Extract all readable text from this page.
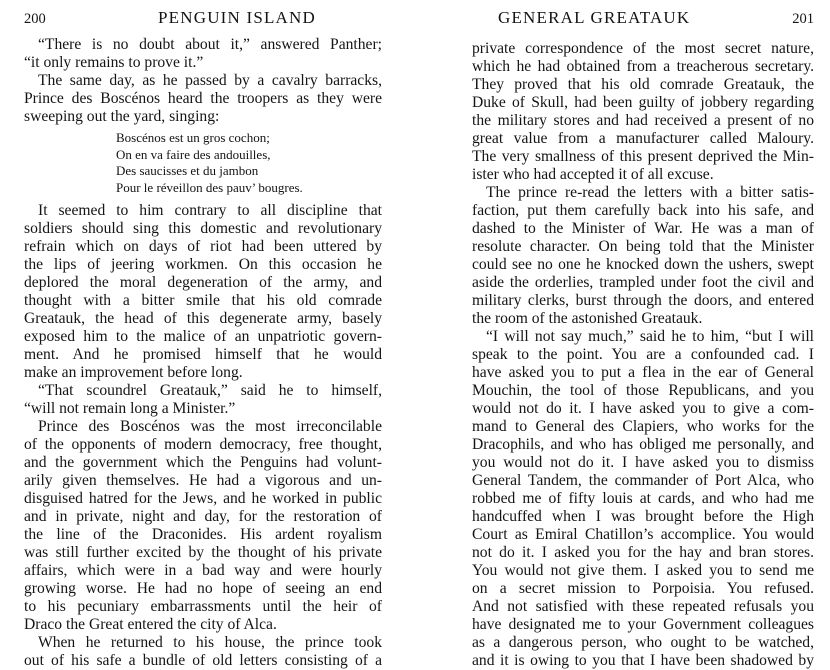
200	PENGUIN ISLAND
“There is no doubt about it,” answered Panther;
“it only remains to prove it.”
The same day, as he passed by a cavalry barracks,
Prince des Boscénos heard the troopers as they were
sweeping out the yard, singing:
Boscénos est un gros cochon;
On en va faire des andouilles,
Des saucisses et du jambon
Pour le réveillon des pauv’ bougres.
It seemed to him contrary to all discipline that
soldiers should sing this domestic and revolutionary
refrain which on days of riot had been uttered by
the lips of jeering workmen. On this occasion he
deplored the moral degeneration of the army, and
thought with a bitter smile that his old comrade
Greatauk, the head of this degenerate army, basely
exposed him to the malice of an unpatriotic govern-
ment. And he promised himself that he would
make an improvement before long.
“That scoundrel Greatauk,” said he to himself,
“will not remain long a Minister.”
Prince des Boscénos was the most irreconcilable
of the opponents of modern democracy, free thought,
and the government which the Penguins had volunt-
arily given themselves. He had a vigorous and un-
disguised hatred for the Jews, and he worked in public
and in private, night and day, for the restoration of
the line of the Draconides. His ardent royalism
was still further excited by the thought of his private
affairs, which were in a bad way and were hourly
growing worse. He had no hope of seeing an end
to his pecuniary embarrassments until the heir of
Draco the Great entered the city of Alca.
When he returned to his house, the prince took
out of his safe a bundle of old letters consisting of a
GENERAL GREATAUK	201
private correspondence of the most secret nature,
which he had obtained from a treacherous secretary.
They proved that his old comrade Greatauk, the
Duke of Skull, had been guilty of jobbery regarding
the military stores and had received a present of no
great value from a manufacturer called Maloury.
The very smallness of this present deprived the Min-
ister who had accepted it of all excuse.
The prince re-read the letters with a bitter satis-
faction, put them carefully back into his safe, and
dashed to the Minister of War. He was a man of
resolute character. On being told that the Minister
could see no one he knocked down the ushers, swept
aside the orderlies, trampled under foot the civil and
military clerks, burst through the doors, and entered
the room of the astonished Greatauk.
“I will not say much,” said he to him, “but I will
speak to the point. You are a confounded cad. I
have asked you to put a flea in the ear of General
Mouchin, the tool of those Republicans, and you
would not do it. I have asked you to give a com-
mand to General des Clapiers, who works for the
Dracophils, and who has obliged me personally, and
you would not do it. I have asked you to dismiss
General Tandem, the commander of Port Alca, who
robbed me of fifty louis at cards, and who had me
handcuffed when I was brought before the High
Court as Emiral Chatillon’s accomplice. You would
not do it. I asked you for the hay and bran stores.
You would not give them. I asked you to send me
on a secret mission to Porpoisia. You refused.
And not satisfied with these repeated refusals you
have designated me to your Government colleagues
as a dangerous person, who ought to be watched,
and it is owing to you that I have been shadowed by
